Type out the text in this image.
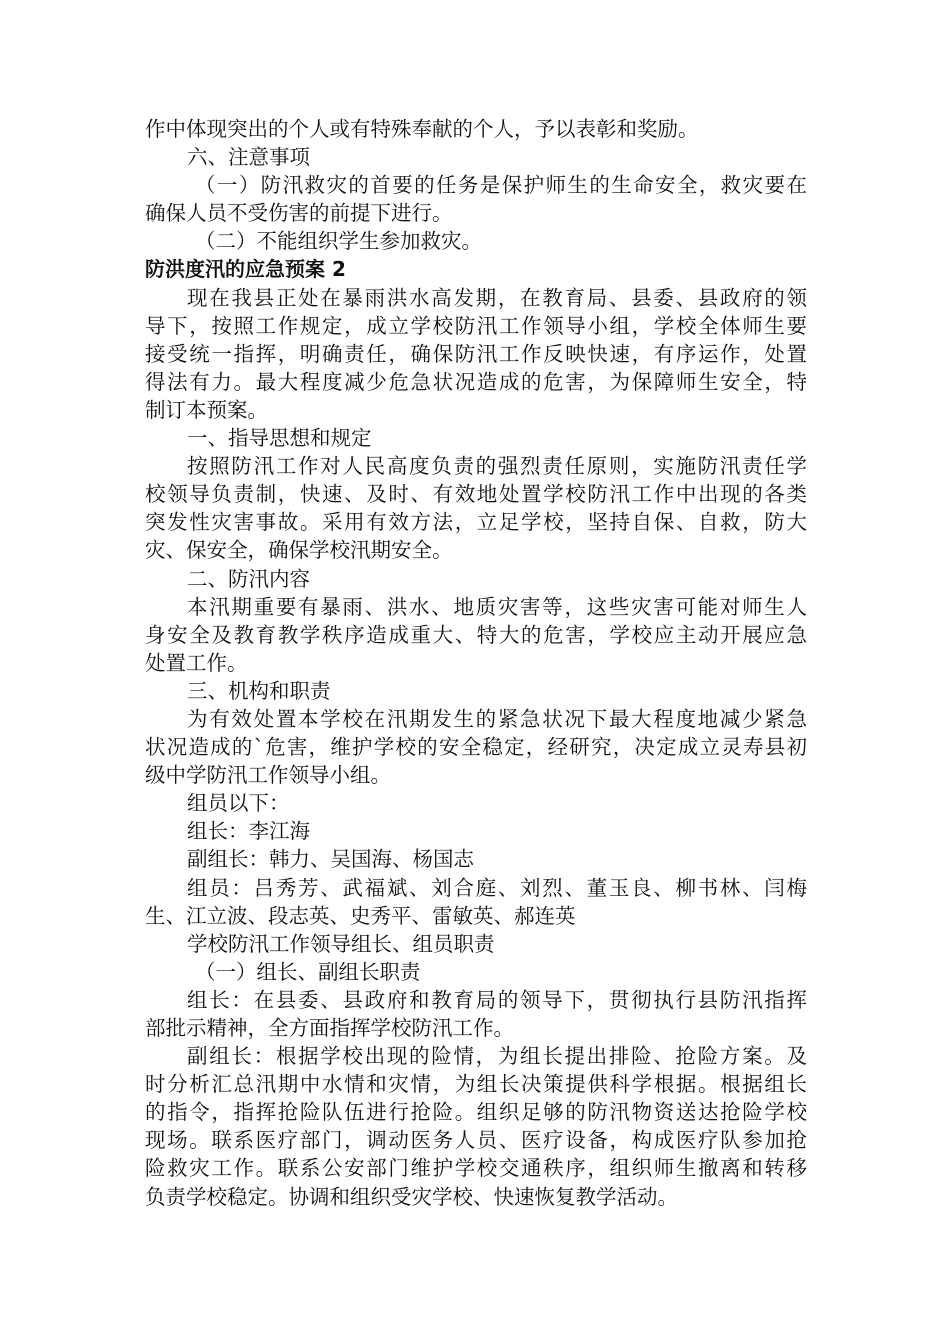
作中体现突出的个人或有特殊奉献的个人，予以表彰和奖励。
六、注意事项
（一）防汛救灾的首要的任务是保护师生的生命安全，救灾要在
确保人员不受伤害的前提下进行。
（二）不能组织学生参加救灾。
防洪度汛的应急预案 2
现在我县正处在暴雨洪水高发期，在教育局、县委、县政府的领
导下，按照工作规定，成立学校防汛工作领导小组，学校全体师生要
接受统一指挥，明确责任，确保防汛工作反映快速，有序运作，处置
得法有力。最大程度减少危急状况造成的危害，为保障师生安全，特
制订本预案。
一、指导思想和规定
按照防汛工作对人民高度负责的强烈责任原则，实施防汛责任学
校领导负责制，快速、及时、有效地处置学校防汛工作中出现的各类
突发性灾害事故。采用有效方法，立足学校，坚持自保、自救，防大
灾、保安全，确保学校汛期安全。
二、防汛内容
本汛期重要有暴雨、洪水、地质灾害等，这些灾害可能对师生人
身安全及教育教学秩序造成重大、特大的危害，学校应主动开展应急
处置工作。
三、机构和职责
为有效处置本学校在汛期发生的紧急状况下最大程度地减少紧急
状况造成的`危害，维护学校的安全稳定，经研究，决定成立灵寿县初
级中学防汛工作领导小组。
组员以下：
组长：李江海
副组长：韩力、吴国海、杨国志
组员：吕秀芳、武福斌、刘合庭、刘烈、董玉良、柳书林、闫梅
生、江立波、段志英、史秀平、雷敏英、郝连英
学校防汛工作领导组长、组员职责
（一）组长、副组长职责
组长：在县委、县政府和教育局的领导下，贯彻执行县防汛指挥
部批示精神，全方面指挥学校防汛工作。
副组长：根据学校出现的险情，为组长提出排险、抢险方案。及
时分析汇总汛期中水情和灾情，为组长决策提供科学根据。根据组长
的指令，指挥抢险队伍进行抢险。组织足够的防汛物资送达抢险学校
现场。联系医疗部门，调动医务人员、医疗设备，构成医疗队参加抢
险救灾工作。联系公安部门维护学校交通秩序，组织师生撤离和转移
负责学校稳定。协调和组织受灾学校、快速恢复教学活动。
